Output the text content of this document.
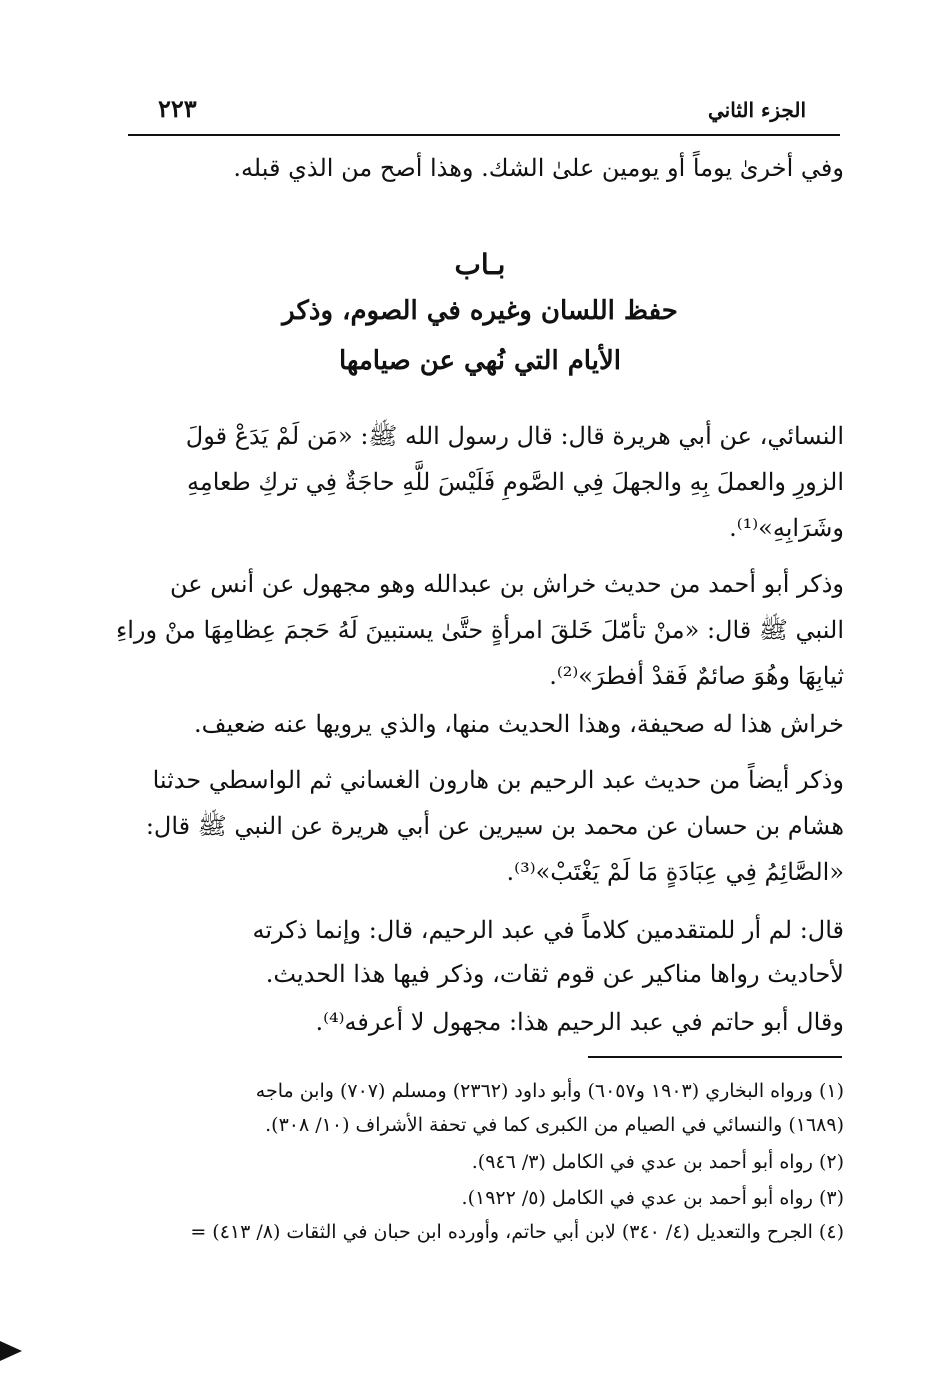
الجزء الثاني
٢٢٣
وفي أخرىٰ يوماً أو يومين علىٰ الشك. وهذا أصح من الذي قبله.
بـاب
حفظ اللسان وغيره في الصوم، وذكر
الأيام التي نُهي عن صيامها
النسائي، عن أبي هريرة قال: قال رسول الله ﷺ: «مَن لَمْ يَدَعْ قولَ
الزورِ والعملَ بِهِ والجهلَ فِي الصَّومِ فَلَيْسَ للَّهِ حاجَةٌ فِي تركِ طعامِهِ
وشَرَابِهِ»⁽¹⁾.
وذكر أبو أحمد من حديث خراش بن عبدالله وهو مجهول عن أنس عن
النبي ﷺ قال: «منْ تأمّلَ خَلقَ امرأةٍ حتَّىٰ يستبينَ لَهُ حَجمَ عِظامِهَا منْ وراءِ
ثيابِهَا وهُوَ صائمٌ فَقدْ أفطرَ»⁽²⁾.
خراش هذا له صحيفة، وهذا الحديث منها، والذي يرويها عنه ضعيف.
وذكر أيضاً من حديث عبد الرحيم بن هارون الغساني ثم الواسطي حدثنا
هشام بن حسان عن محمد بن سيرين عن أبي هريرة عن النبي ﷺ قال:
«الصَّائِمُ فِي عِبَادَةٍ مَا لَمْ يَغْتَبْ»⁽³⁾.
قال: لم أر للمتقدمين كلاماً في عبد الرحيم، قال: وإنما ذكرته
لأحاديث رواها مناكير عن قوم ثقات، وذكر فيها هذا الحديث.
وقال أبو حاتم في عبد الرحيم هذا: مجهول لا أعرفه⁽⁴⁾.
(١) ورواه البخاري (١٩٠٣ و٦٠٥٧) وأبو داود (٢٣٦٢) ومسلم (٧٠٧) وابن ماجه
(١٦٨٩) والنسائي في الصيام من الكبرى كما في تحفة الأشراف (١٠/ ٣٠٨).
(٢) رواه أبو أحمد بن عدي في الكامل (٣/ ٩٤٦).
(٣) رواه أبو أحمد بن عدي في الكامل (٥/ ١٩٢٢).
(٤) الجرح والتعديل (٤/ ٣٤٠) لابن أبي حاتم، وأورده ابن حبان في الثقات (٨/ ٤١٣) =
